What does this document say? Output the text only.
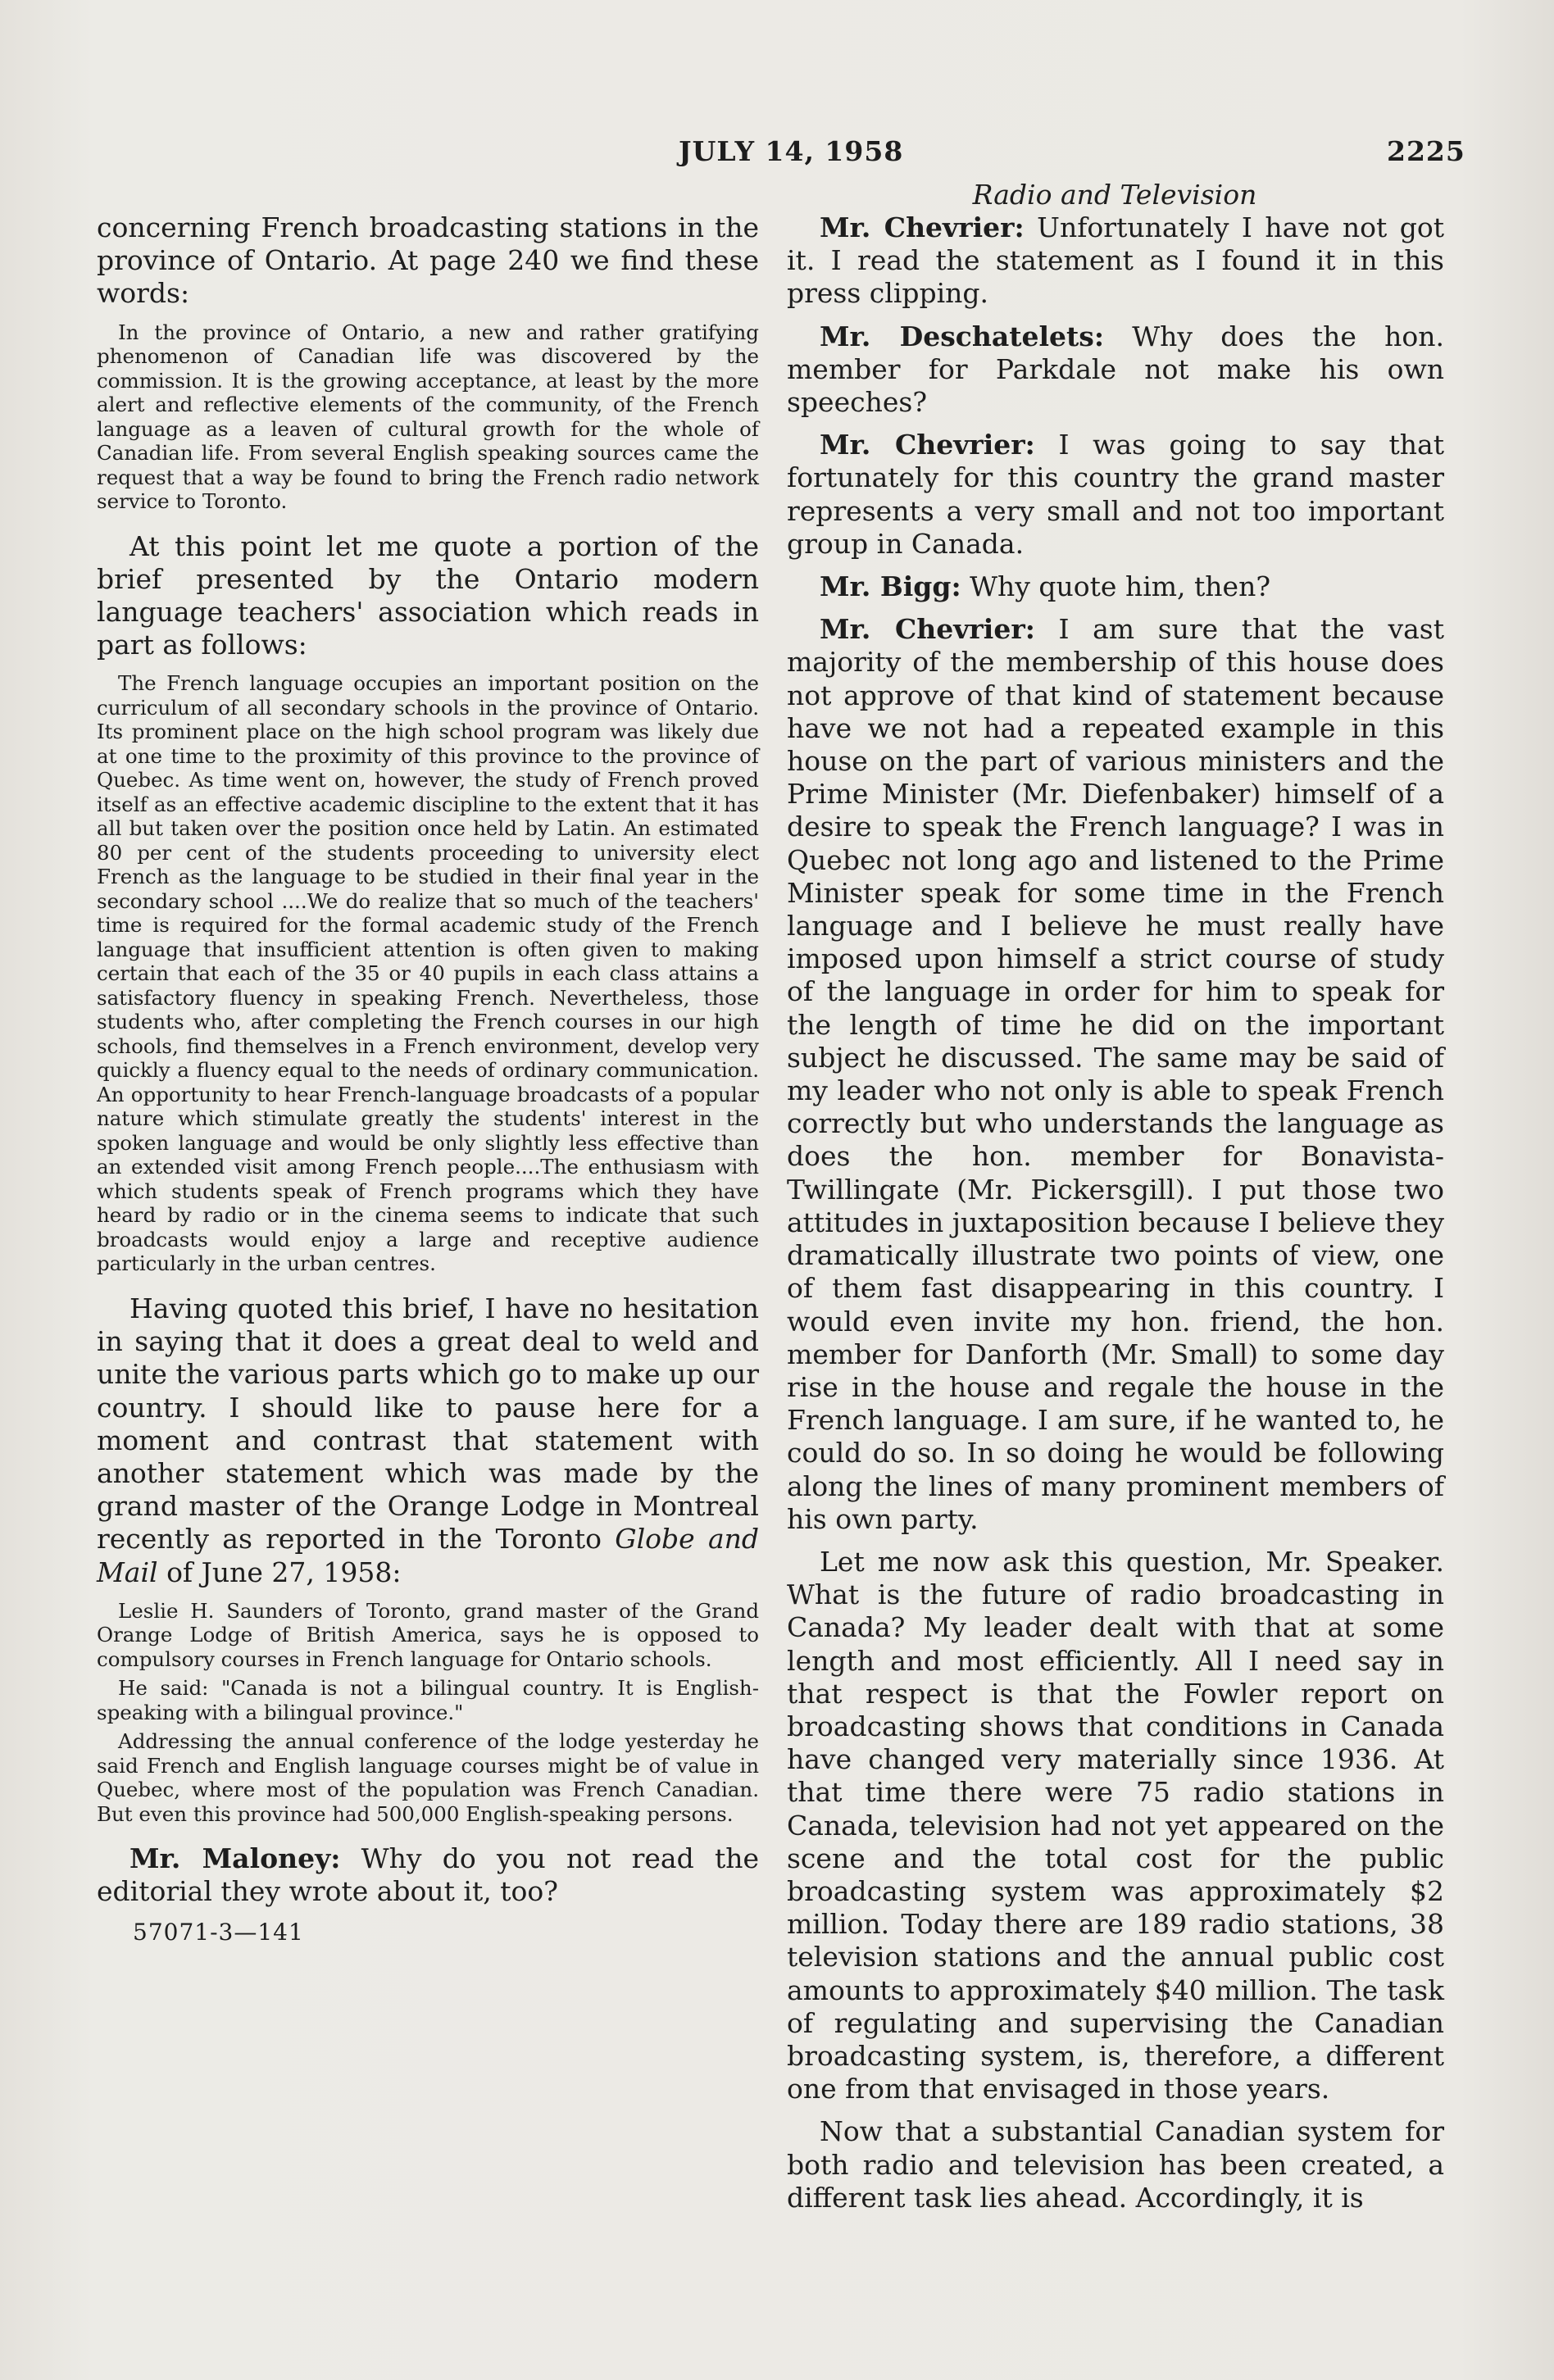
JULY 14, 1958	2225
Radio and Television

concerning French broadcasting stations in the province of Ontario. At page 240 we find these words:

In the province of Ontario, a new and rather gratifying phenomenon of Canadian life was discovered by the commission. It is the growing acceptance, at least by the more alert and reflective elements of the community, of the French language as a leaven of cultural growth for the whole of Canadian life. From several English speaking sources came the request that a way be found to bring the French radio network service to Toronto.

At this point let me quote a portion of the brief presented by the Ontario modern language teachers' association which reads in part as follows:

The French language occupies an important position on the curriculum of all secondary schools in the province of Ontario. Its prominent place on the high school program was likely due at one time to the proximity of this province to the province of Quebec. As time went on, however, the study of French proved itself as an effective academic discipline to the extent that it has all but taken over the position once held by Latin. An estimated 80 per cent of the students proceeding to university elect French as the language to be studied in their final year in the secondary school ....We do realize that so much of the teachers' time is required for the formal academic study of the French language that insufficient attention is often given to making certain that each of the 35 or 40 pupils in each class attains a satisfactory fluency in speaking French. Nevertheless, those students who, after completing the French courses in our high schools, find themselves in a French environment, develop very quickly a fluency equal to the needs of ordinary communication. An opportunity to hear French-language broadcasts of a popular nature which stimulate greatly the students' interest in the spoken language and would be only slightly less effective than an extended visit among French people....The enthusiasm with which students speak of French programs which they have heard by radio or in the cinema seems to indicate that such broadcasts would enjoy a large and receptive audience particularly in the urban centres.

Having quoted this brief, I have no hesitation in saying that it does a great deal to weld and unite the various parts which go to make up our country. I should like to pause here for a moment and contrast that statement with another statement which was made by the grand master of the Orange Lodge in Montreal recently as reported in the Toronto Globe and Mail of June 27, 1958:

Leslie H. Saunders of Toronto, grand master of the Grand Orange Lodge of British America, says he is opposed to compulsory courses in French language for Ontario schools.

He said: "Canada is not a bilingual country. It is English-speaking with a bilingual province."

Addressing the annual conference of the lodge yesterday he said French and English language courses might be of value in Quebec, where most of the population was French Canadian. But even this province had 500,000 English-speaking persons.

Mr. Maloney: Why do you not read the editorial they wrote about it, too?

57071-3—141

Mr. Chevrier: Unfortunately I have not got it. I read the statement as I found it in this press clipping.

Mr. Deschatelets: Why does the hon. member for Parkdale not make his own speeches?

Mr. Chevrier: I was going to say that fortunately for this country the grand master represents a very small and not too important group in Canada.

Mr. Bigg: Why quote him, then?

Mr. Chevrier: I am sure that the vast majority of the membership of this house does not approve of that kind of statement because have we not had a repeated example in this house on the part of various ministers and the Prime Minister (Mr. Diefenbaker) himself of a desire to speak the French language? I was in Quebec not long ago and listened to the Prime Minister speak for some time in the French language and I believe he must really have imposed upon himself a strict course of study of the language in order for him to speak for the length of time he did on the important subject he discussed. The same may be said of my leader who not only is able to speak French correctly but who understands the language as does the hon. member for Bonavista-Twillingate (Mr. Pickersgill). I put those two attitudes in juxtaposition because I believe they dramatically illustrate two points of view, one of them fast disappearing in this country. I would even invite my hon. friend, the hon. member for Danforth (Mr. Small) to some day rise in the house and regale the house in the French language. I am sure, if he wanted to, he could do so. In so doing he would be following along the lines of many prominent members of his own party.

Let me now ask this question, Mr. Speaker. What is the future of radio broadcasting in Canada? My leader dealt with that at some length and most efficiently. All I need say in that respect is that the Fowler report on broadcasting shows that conditions in Canada have changed very materially since 1936. At that time there were 75 radio stations in Canada, television had not yet appeared on the scene and the total cost for the public broadcasting system was approximately $2 million. Today there are 189 radio stations, 38 television stations and the annual public cost amounts to approximately $40 million. The task of regulating and supervising the Canadian broadcasting system, is, therefore, a different one from that envisaged in those years.

Now that a substantial Canadian system for both radio and television has been created, a different task lies ahead. Accordingly, it is
